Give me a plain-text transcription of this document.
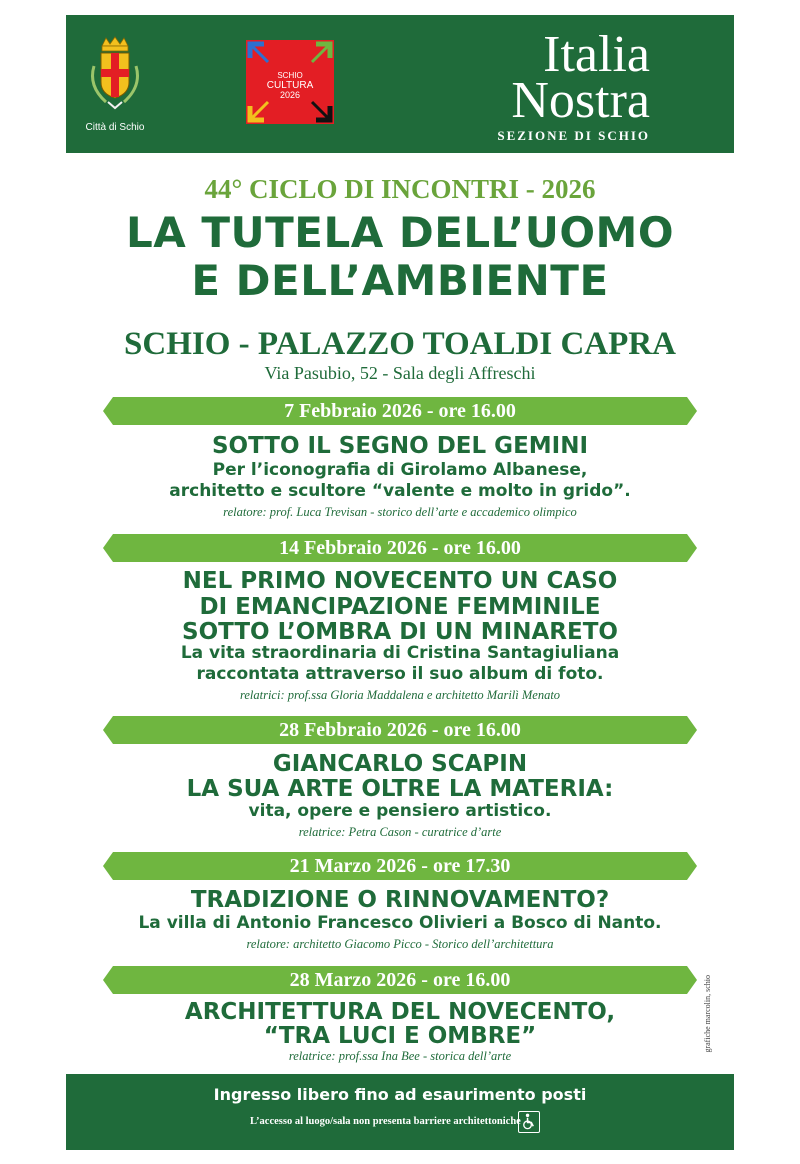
Città di Schio
SCHIO
CULTURA
2026
Italia
Nostra
SEZIONE DI SCHIO
44° CICLO DI INCONTRI - 2026
LA TUTELA DELL’UOMO
E DELL’AMBIENTE
SCHIO - PALAZZO TOALDI CAPRA
Via Pasubio, 52 - Sala degli Affreschi
7 Febbraio 2026 - ore 16.00
SOTTO IL SEGNO DEL GEMINI
Per l’iconografia di Girolamo Albanese,
architetto e scultore “valente e molto in grido”.
relatore: prof. Luca Trevisan - storico dell’arte e accademico olimpico
14 Febbraio 2026 - ore 16.00
NEL PRIMO NOVECENTO UN CASO
DI EMANCIPAZIONE FEMMINILE
SOTTO L’OMBRA DI UN MINARETO
La vita straordinaria di Cristina Santagiuliana
raccontata attraverso il suo album di foto.
relatrici: prof.ssa Gloria Maddalena e architetto Marilì Menato
28 Febbraio 2026 - ore 16.00
GIANCARLO SCAPIN
LA SUA ARTE OLTRE LA MATERIA:
vita, opere e pensiero artistico.
relatrice: Petra Cason - curatrice d’arte
21 Marzo 2026 - ore 17.30
TRADIZIONE O RINNOVAMENTO?
La villa di Antonio Francesco Olivieri a Bosco di Nanto.
relatore: architetto Giacomo Picco - Storico dell’architettura
28 Marzo 2026 - ore 16.00
ARCHITETTURA DEL NOVECENTO,
“TRA LUCI E OMBRE”
relatrice: prof.ssa Ina Bee - storica dell’arte
grafiche marcolin, schio
Ingresso libero fino ad esaurimento posti
L’accesso al luogo/sala non presenta barriere architettoniche
